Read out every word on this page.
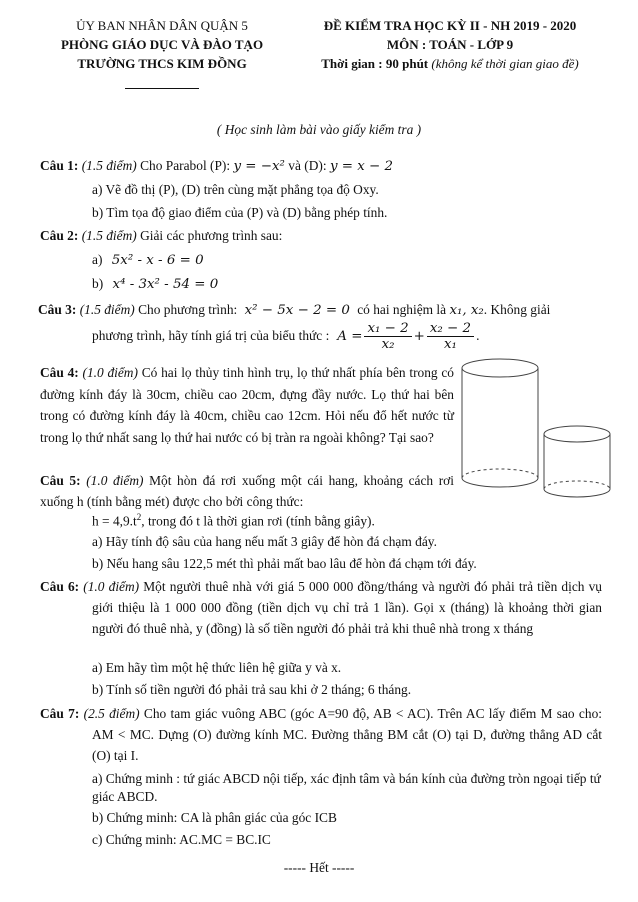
ỦY BAN NHÂN DÂN QUẬN 5
PHÒNG GIÁO DỤC VÀ ĐÀO TẠO
TRƯỜNG THCS KIM ĐỒNG
ĐỀ KIỂM TRA HỌC KỲ II - NH 2019 - 2020
MÔN : TOÁN - LỚP 9
Thời gian : 90 phút (không kể thời gian giao đề)
( Học sinh làm bài vào giấy kiểm tra )
Câu 1: (1.5 điểm) Cho Parabol (P): y = −x² và (D): y = x − 2
a) Vẽ đồ thị (P), (D) trên cùng mặt phẳng tọa độ Oxy.
b) Tìm tọa độ giao điểm của (P) và (D) bằng phép tính.
Câu 2: (1.5 điểm) Giải các phương trình sau:
a) 5x² - x - 6 = 0
b) x⁴ - 3x² - 54 = 0
Câu 3: (1.5 điểm) Cho phương trình: x² − 5x − 2 = 0 có hai nghiệm là x₁, x₂. Không giải
phương trình, hãy tính giá trị của biểu thức : $A = \frac{\text{x₁ − 2}}{\text{x₂}} + \frac{\text{x₂ − 2}}{\text{x₁}}$ .
Câu 4: (1.0 điểm) Có hai lọ thủy tinh hình trụ, lọ thứ nhất phía bên trong có đường kính đáy là 30cm, chiều cao 20cm, đựng đầy nước. Lọ thứ hai bên trong có đường kính đáy là 40cm, chiều cao 12cm. Hỏi nếu đổ hết nước từ trong lọ thứ nhất sang lọ thứ hai nước có bị tràn ra ngoài không? Tại sao?
Câu 5: (1.0 điểm) Một hòn đá rơi xuống một cái hang, khoảng cách rơi xuống h (tính bằng mét) được cho bởi công thức:
$h = 4,9.t^2$, trong đó t là thời gian rơi (tính bằng giây).
a) Hãy tính độ sâu của hang nếu mất 3 giây để hòn đá chạm đáy.
b) Nếu hang sâu 122,5 mét thì phải mất bao lâu để hòn đá chạm tới đáy.
Câu 6: (1.0 điểm) Một người thuê nhà với giá 5 000 000 đồng/tháng và người đó phải trả tiền dịch vụ giới thiệu là 1 000 000 đồng (tiền dịch vụ chỉ trả 1 lần). Gọi x (tháng) là khoảng thời gian người đó thuê nhà, y (đồng) là số tiền người đó phải trả khi thuê nhà trong x tháng
a) Em hãy tìm một hệ thức liên hệ giữa y và x.
b) Tính số tiền người đó phải trả sau khi ở 2 tháng; 6 tháng.
Câu 7: (2.5 điểm) Cho tam giác vuông ABC (góc A=90 độ, AB < AC). Trên AC lấy điểm M sao cho: AM < MC. Dựng (O) đường kính MC. Đường thẳng BM cắt (O) tại D, đường thẳng AD cắt (O) tại I.
a) Chứng minh : tứ giác ABCD nội tiếp, xác định tâm và bán kính của đường tròn ngoại tiếp tứ giác ABCD.
b) Chứng minh: CA là phân giác của góc ICB
c) Chứng minh: AC.MC = BC.IC
----- Hết -----
